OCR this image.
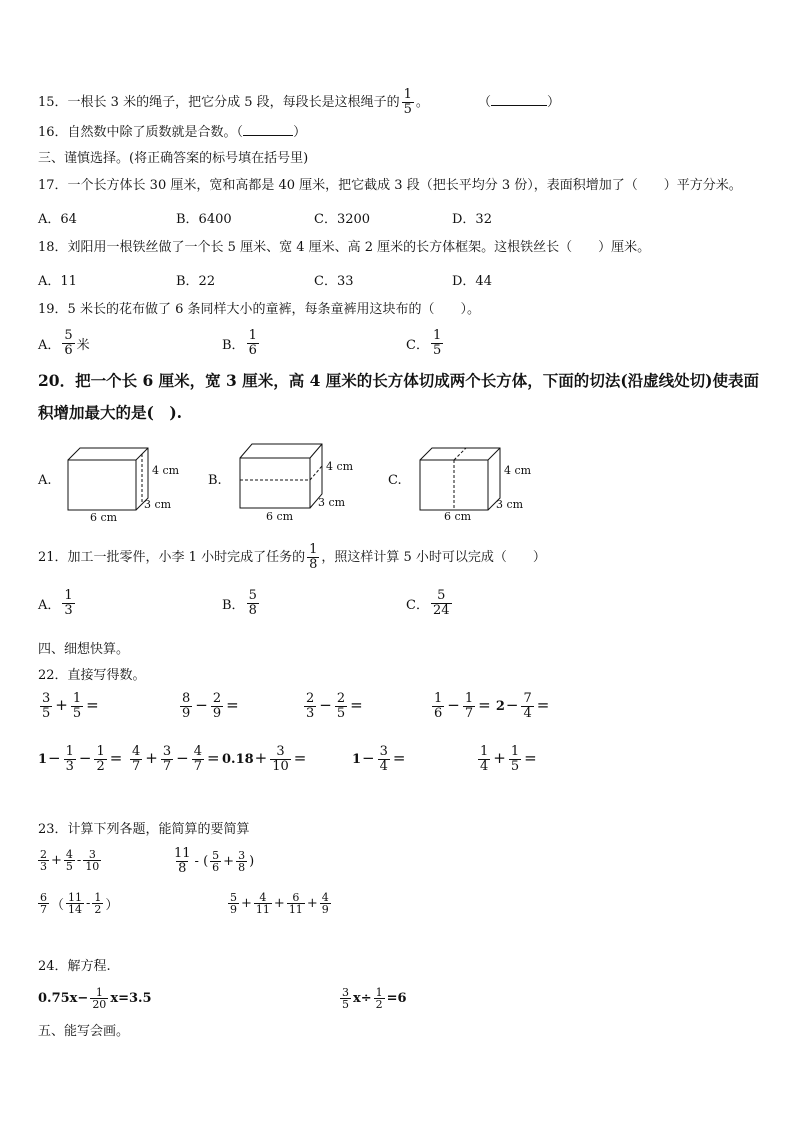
15．一根长 3 米的绳子，把它分成 5 段，每段长是这根绳子的 $\frac{1}{5}$ 。	（	）
16．自然数中除了质数就是合数。（	）
三、谨慎选择。(将正确答案的标号填在括号里)
17．一个长方体长 30 厘米，宽和高都是 40 厘米，把它截成 3 段（把长平均分 3 份），表面积增加了（　　）平方分米。
A．64	B．6400	C．3200	D．32
18．刘阳用一根铁丝做了一个长 5 厘米、宽 4 厘米、高 2 厘米的长方体框架。这根铁丝长（　　）厘米。
A．11	B．22	C．33	D．44
19．5 米长的花布做了 6 条同样大小的童裤，每条童裤用这块布的（　　）。
A． $\frac{5}{6}$ 米	B． $\frac{1}{6}$	C． $\frac{1}{5}$
20．把一个长 6 厘米，宽 3 厘米，高 4 厘米的长方体切成两个长方体，下面的切法(沿虚线处切)使表面
积增加最大的是(　).
A.	B.	C.
4 cm
3 cm
6 cm
4 cm
3 cm
6 cm
4 cm
3 cm
6 cm
21．加工一批零件，小李 1 小时完成了任务的 $\frac{1}{8}$ ，照这样计算 5 小时可以完成（　　）
A． $\frac{1}{3}$	B． $\frac{5}{8}$	C． $\frac{5}{24}$
四、细想快算。
22．直接写得数。
$\frac{3}{5} + \frac{1}{5}$ =	$\frac{8}{9} - \frac{2}{9}$ =	$\frac{2}{3} - \frac{2}{5}$ =	$\frac{1}{6} - \frac{1}{7} = 2- \frac{7}{4}$ =
$1- \frac{1}{3} - \frac{1}{2} = \frac{4}{7} + \frac{3}{7} - \frac{4}{7} = 0.18+ \frac{3}{10}$ =	$1- \frac{3}{4}$ =	$\frac{1}{4} + \frac{1}{5}$ =
23．计算下列各题，能简算的要简算
$\frac{2}{3} + \frac{4}{5} - \frac{3}{10}$	$\frac{11}{8}$ - ( $\frac{5}{6} + \frac{3}{8}$ )
$\frac{6}{7}$ （ $\frac{11}{14} - \frac{1}{2}$ ）	$\frac{5}{9} + \frac{4}{11} + \frac{6}{11} + \frac{4}{9}$
24．解方程.
$0.75x- \frac{1}{20} x=3.5$	$\frac{3}{5} x\div \frac{1}{2} =6$
五、能写会画。
